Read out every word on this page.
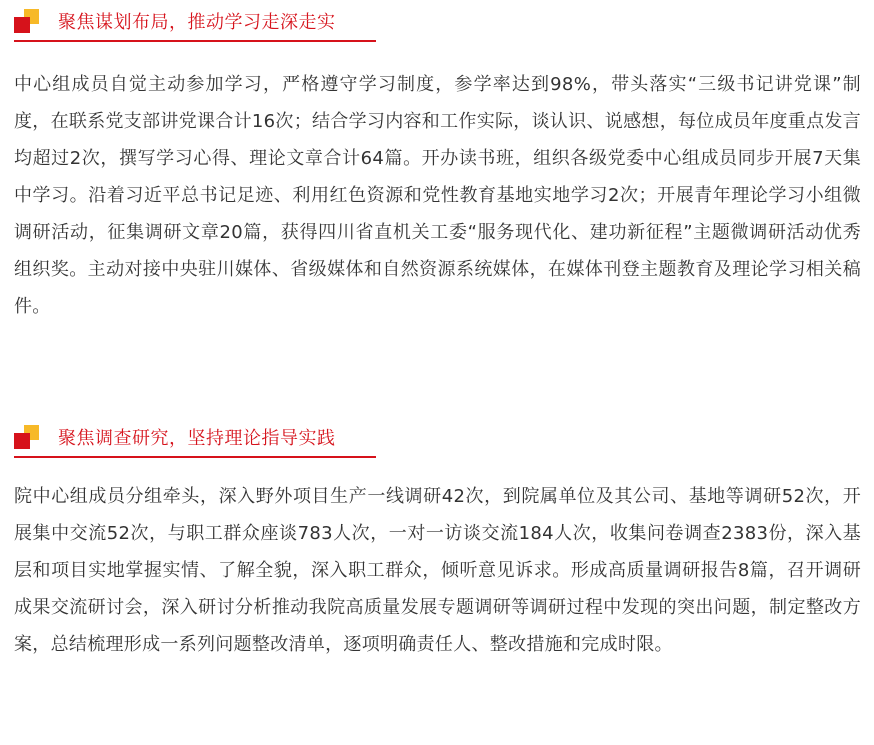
聚焦谋划布局，推动学习走深走实

中心组成员自觉主动参加学习，严格遵守学习制度，参学率达到98%，带头落实“三级书记讲党课”制度，在联系党支部讲党课合计16次；结合学习内容和工作实际，谈认识、说感想，每位成员年度重点发言均超过2次，撰写学习心得、理论文章合计64篇。开办读书班，组织各级党委中心组成员同步开展7天集中学习。沿着习近平总书记足迹、利用红色资源和党性教育基地实地学习2次；开展青年理论学习小组微调研活动，征集调研文章20篇，获得四川省直机关工委“服务现代化、建功新征程”主题微调研活动优秀组织奖。主动对接中央驻川媒体、省级媒体和自然资源系统媒体，在媒体刊登主题教育及理论学习相关稿件。

聚焦调查研究，坚持理论指导实践

院中心组成员分组牵头，深入野外项目生产一线调研42次，到院属单位及其公司、基地等调研52次，开展集中交流52次，与职工群众座谈783人次，一对一访谈交流184人次，收集问卷调查2383份，深入基层和项目实地掌握实情、了解全貌，深入职工群众，倾听意见诉求。形成高质量调研报告8篇，召开调研成果交流研讨会，深入研讨分析推动我院高质量发展专题调研等调研过程中发现的突出问题，制定整改方案，总结梳理形成一系列问题整改清单，逐项明确责任人、整改措施和完成时限。
